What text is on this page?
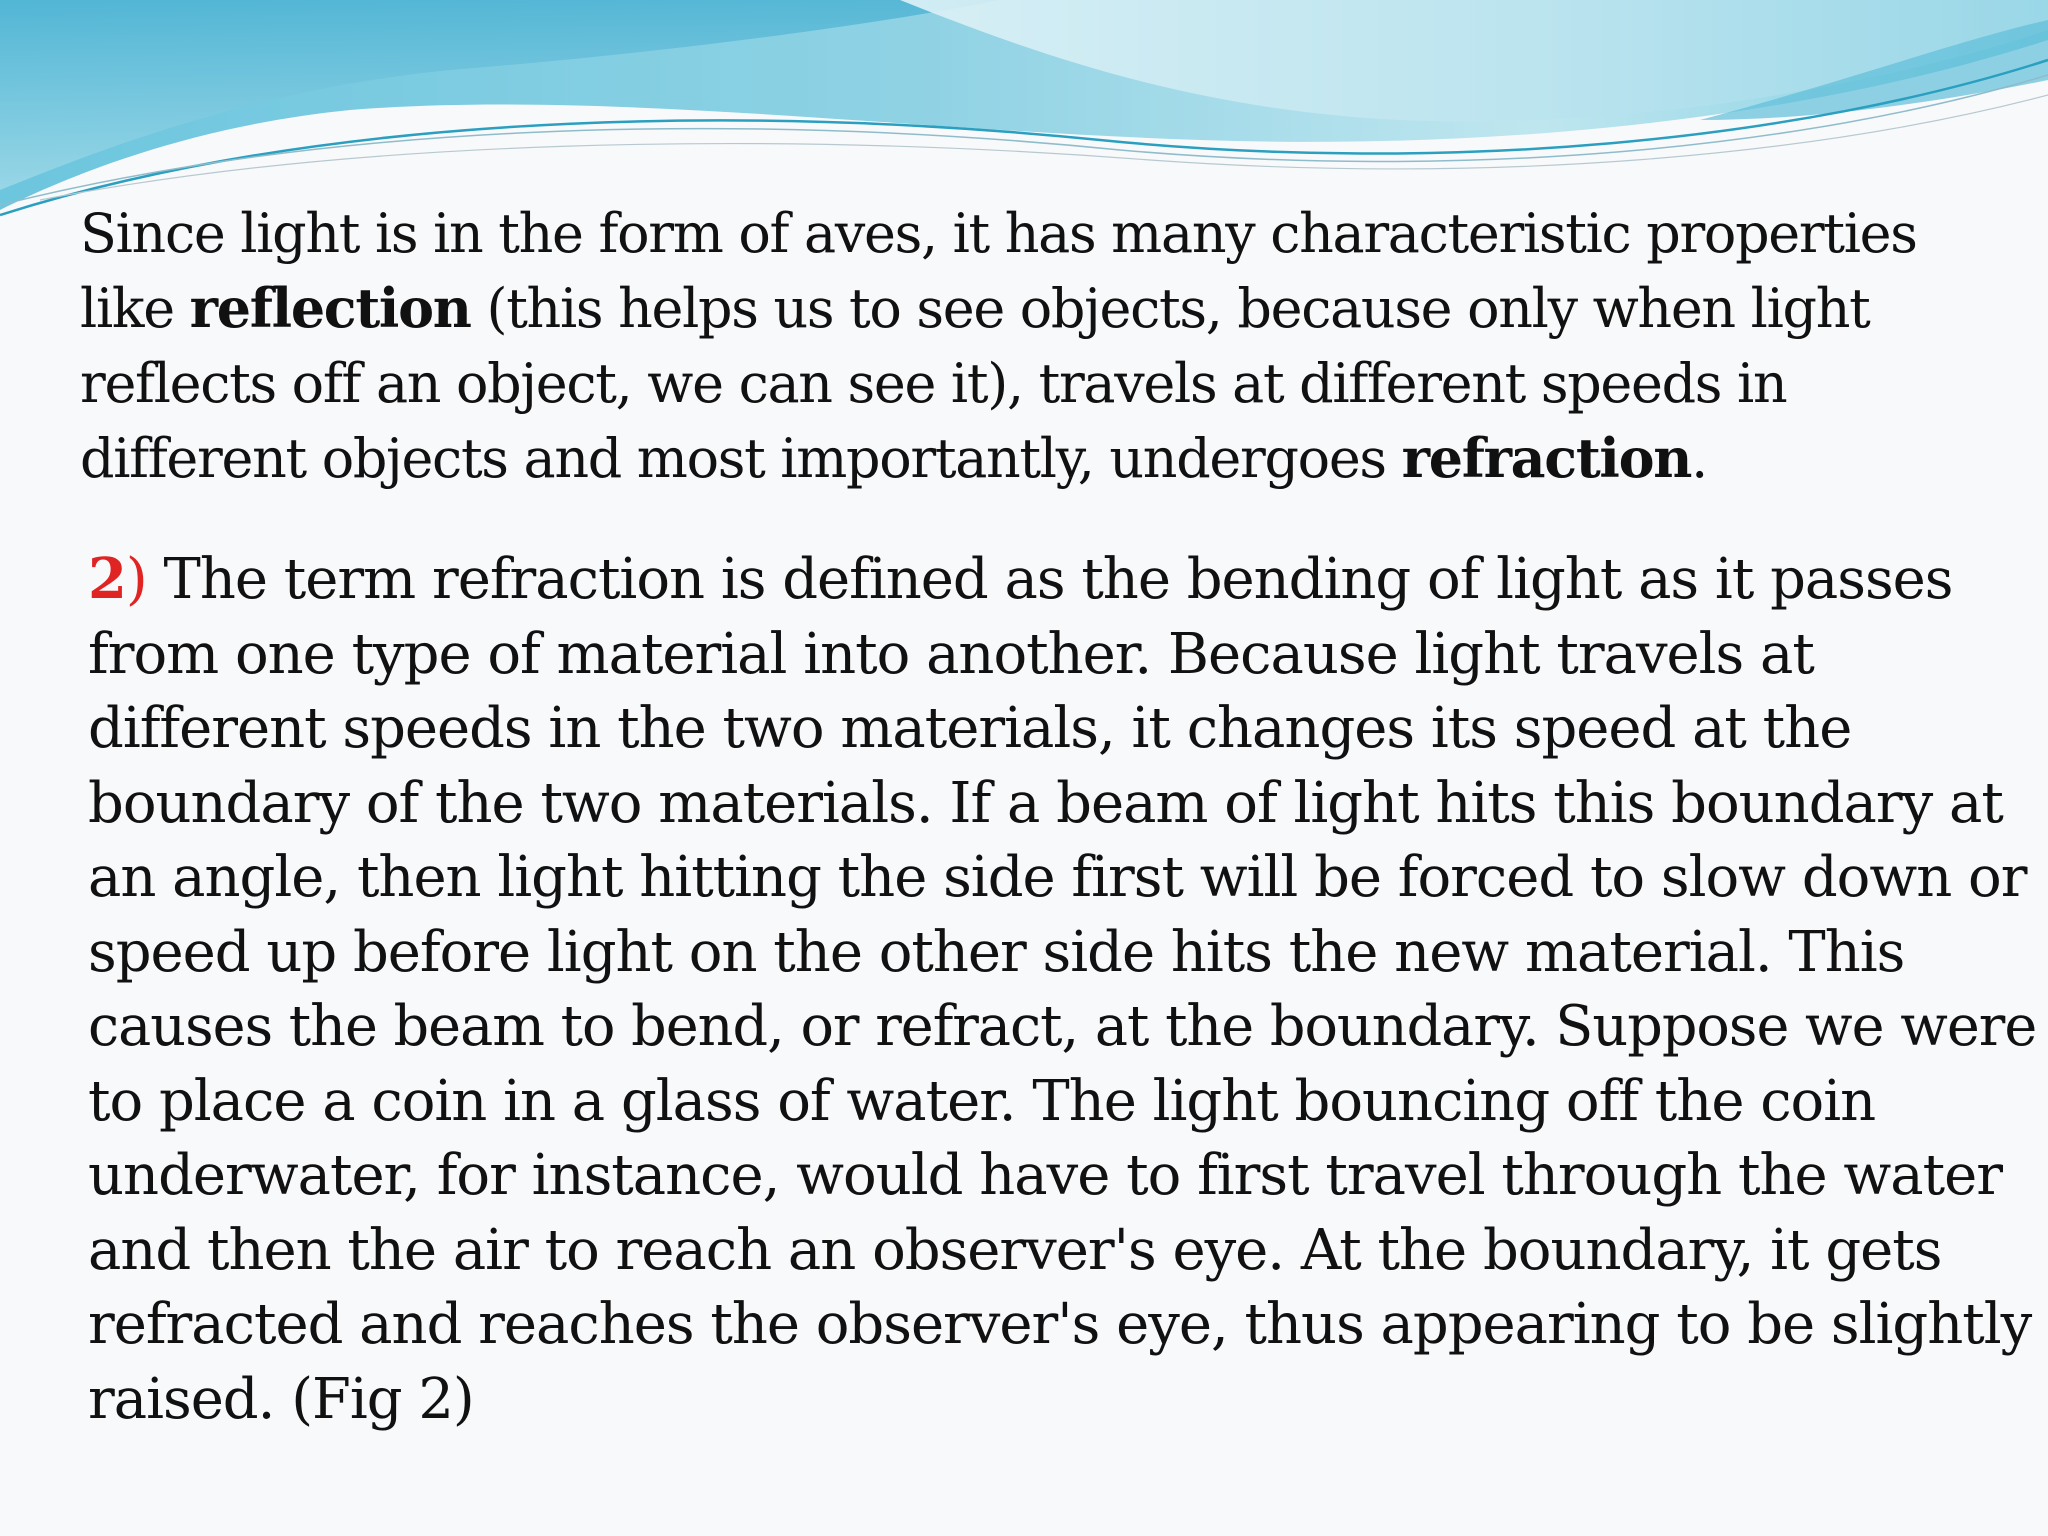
Since light is in the form of aves, it has many characteristic properties
like reflection (this helps us to see objects, because only when light
reflects off an object, we can see it), travels at different speeds in
different objects and most importantly, undergoes refraction.

2) The term refraction is defined as the bending of light as it passes
from one type of material into another. Because light travels at
different speeds in the two materials, it changes its speed at the
boundary of the two materials. If a beam of light hits this boundary at
an angle, then light hitting the side first will be forced to slow down or
speed up before light on the other side hits the new material. This
causes the beam to bend, or refract, at the boundary. Suppose we were
to place a coin in a glass of water. The light bouncing off the coin
underwater, for instance, would have to first travel through the water
and then the air to reach an observer's eye. At the boundary, it gets
refracted and reaches the observer's eye, thus appearing to be slightly
raised. (Fig 2)
